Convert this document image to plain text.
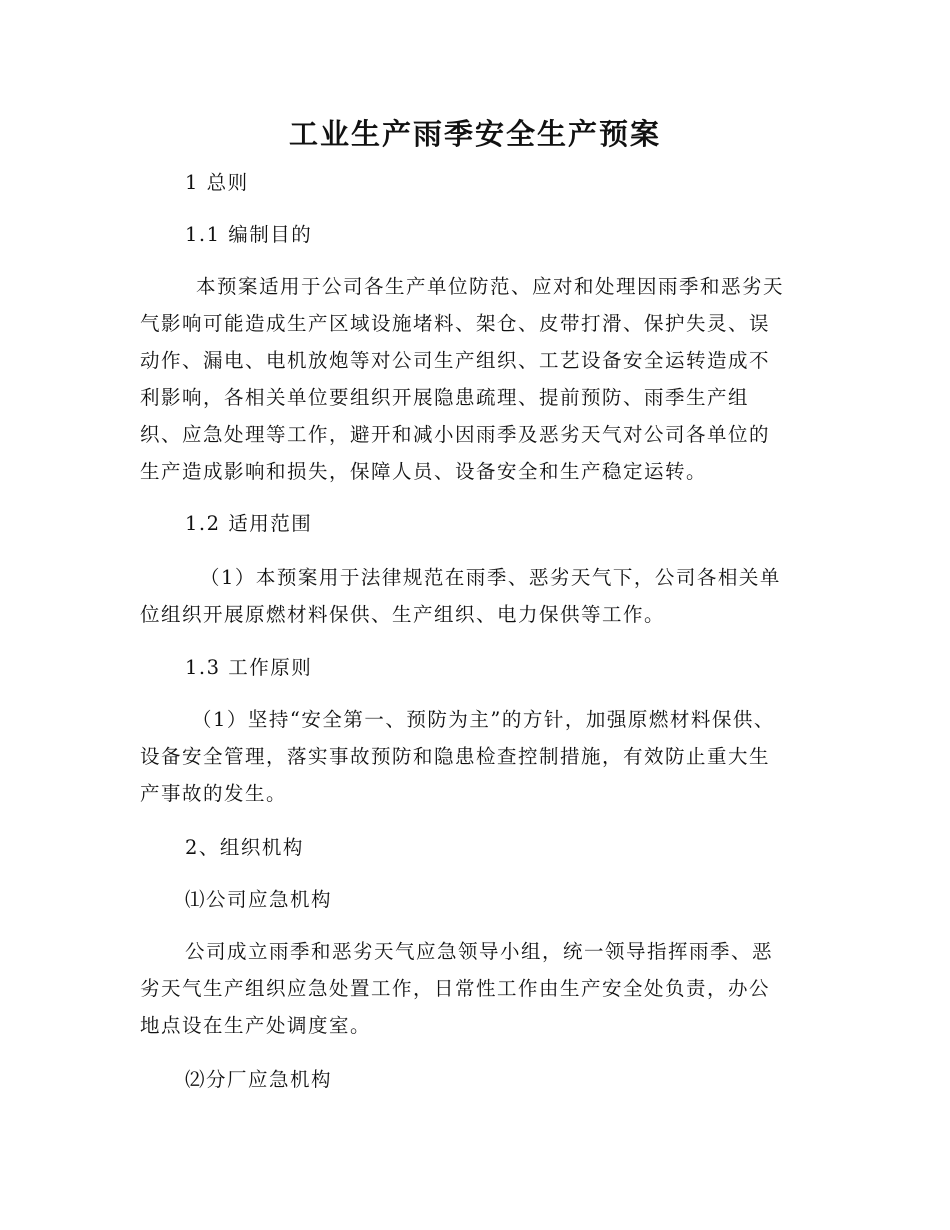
工业生产雨季安全生产预案
1 总则
1.1 编制目的
本预案适用于公司各生产单位防范、应对和处理因雨季和恶劣天
气影响可能造成生产区域设施堵料、架仓、皮带打滑、保护失灵、误
动作、漏电、电机放炮等对公司生产组织、工艺设备安全运转造成不
利影响，各相关单位要组织开展隐患疏理、提前预防、雨季生产组
织、应急处理等工作，避开和减小因雨季及恶劣天气对公司各单位的
生产造成影响和损失，保障人员、设备安全和生产稳定运转。
1.2 适用范围
（1）本预案用于法律规范在雨季、恶劣天气下，公司各相关单
位组织开展原燃材料保供、生产组织、电力保供等工作。
1.3 工作原则
（1）坚持“安全第一、预防为主”的方针，加强原燃材料保供、
设备安全管理，落实事故预防和隐患检查控制措施，有效防止重大生
产事故的发生。
2、组织机构
⑴公司应急机构
公司成立雨季和恶劣天气应急领导小组，统一领导指挥雨季、恶
劣天气生产组织应急处置工作，日常性工作由生产安全处负责，办公
地点设在生产处调度室。
⑵分厂应急机构
